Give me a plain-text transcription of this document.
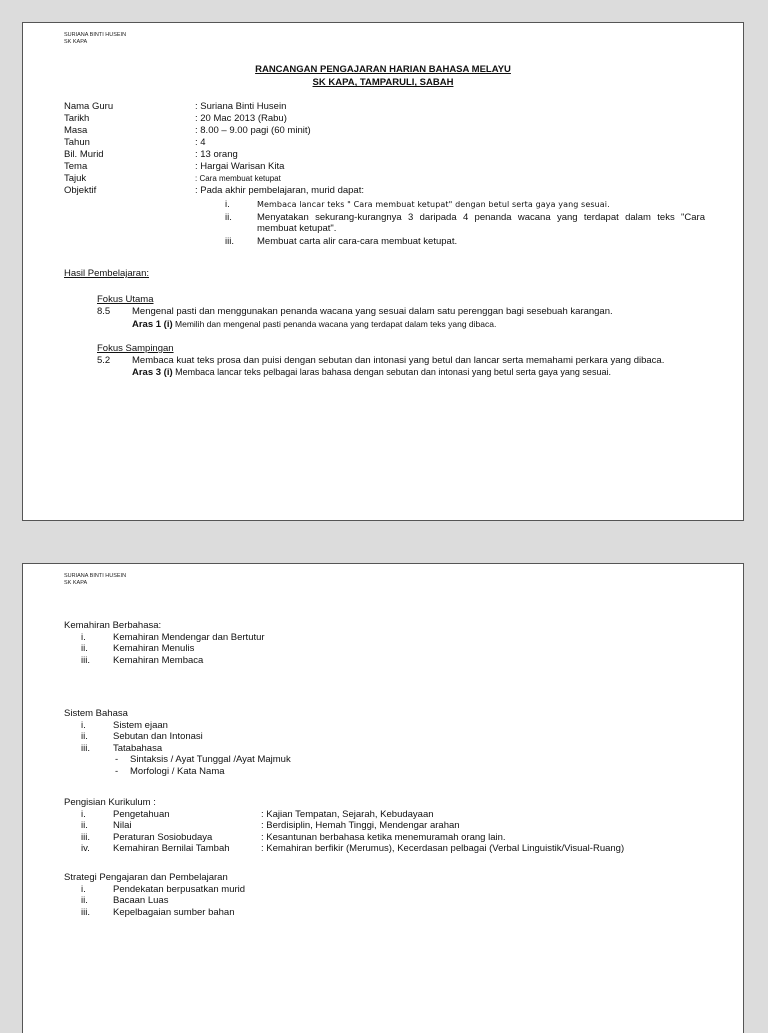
SURIANA BINTI HUSEIN
SK KAPA
RANCANGAN PENGAJARAN HARIAN BAHASA MELAYU
SK KAPA, TAMPARULI, SABAH
Nama Guru	: Suriana Binti Husein
Tarikh	: 20 Mac 2013 (Rabu)
Masa	: 8.00 – 9.00 pagi (60 minit)
Tahun	: 4
Bil. Murid	: 13 orang
Tema	: Hargai Warisan Kita
Tajuk	: Cara membuat ketupat
Objektif	: Pada akhir pembelajaran, murid dapat:
i.	Membaca lancar teks " Cara membuat ketupat" dengan betul serta gaya yang sesuai.
ii.	Menyatakan sekurang-kurangnya 3 daripada 4 penanda wacana yang terdapat dalam teks "Cara membuat ketupat".
iii.	Membuat carta alir cara-cara membuat ketupat.
Hasil Pembelajaran:
Fokus Utama
8.5	Mengenal pasti dan menggunakan penanda wacana yang sesuai dalam satu perenggan bagi sesebuah karangan.
Aras 1 (i) Memilih dan mengenal pasti penanda wacana yang terdapat dalam teks yang dibaca.
Fokus Sampingan
5.2	Membaca kuat teks prosa dan puisi dengan sebutan dan intonasi yang betul dan lancar serta memahami perkara yang dibaca.
Aras 3 (i) Membaca lancar teks pelbagai laras bahasa dengan sebutan dan intonasi yang betul serta gaya yang sesuai.
SURIANA BINTI HUSEIN
SK KAPA
Kemahiran Berbahasa:
i.	Kemahiran Mendengar dan Bertutur
ii.	Kemahiran Menulis
iii.	Kemahiran Membaca
Sistem Bahasa
i.	Sistem ejaan
ii.	Sebutan dan Intonasi
iii.	Tatabahasa
-	Sintaksis / Ayat Tunggal /Ayat Majmuk
-	Morfologi / Kata Nama
Pengisian Kurikulum :
i.	Pengetahuan	: Kajian Tempatan, Sejarah, Kebudayaan
ii.	Nilai	: Berdisiplin, Hemah Tinggi, Mendengar arahan
iii.	Peraturan Sosiobudaya	: Kesantunan berbahasa ketika menemuramah orang lain.
iv.	Kemahiran Bernilai Tambah	: Kemahiran berfikir (Merumus), Kecerdasan pelbagai (Verbal Linguistik/Visual-Ruang)
Strategi Pengajaran dan Pembelajaran
i.	Pendekatan berpusatkan murid
ii.	Bacaan Luas
iii.	Kepelbagaian sumber bahan
